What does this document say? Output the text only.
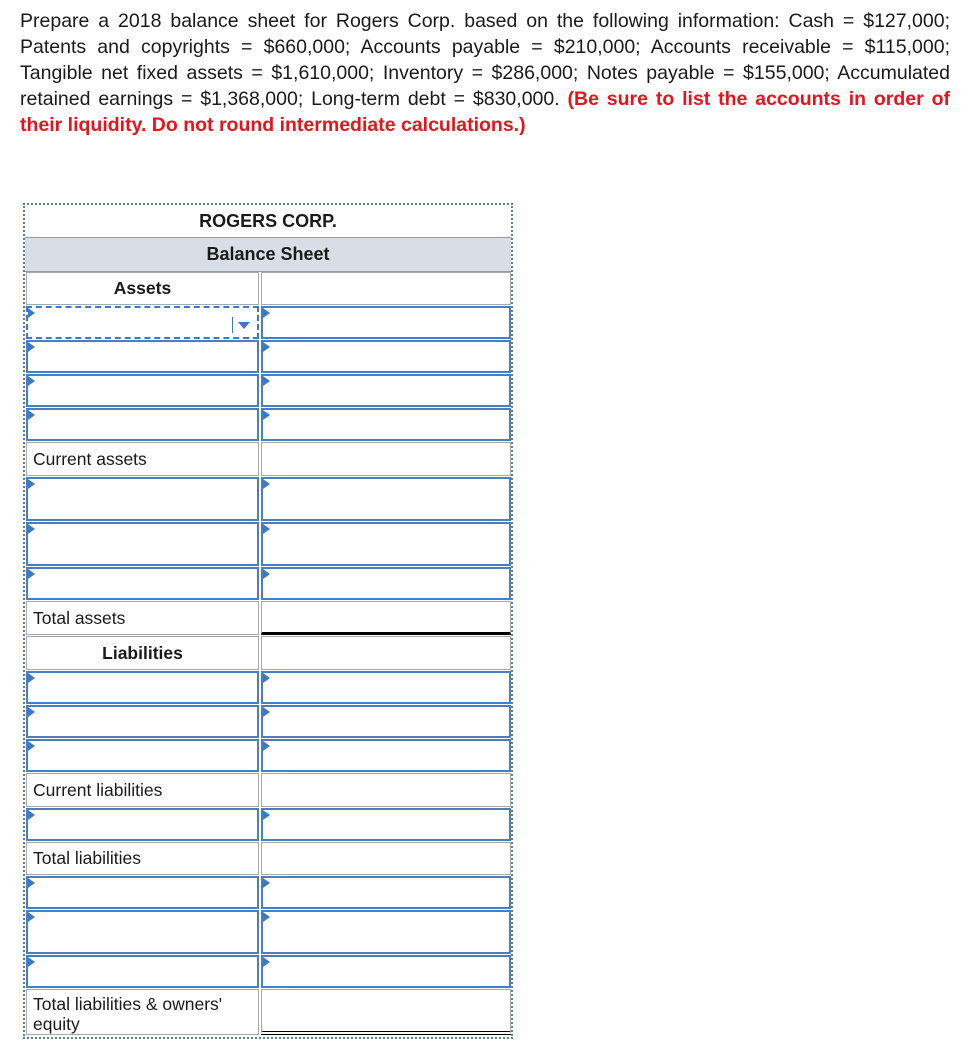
Prepare a 2018 balance sheet for Rogers Corp. based on the following information: Cash = $127,000; Patents and copyrights = $660,000; Accounts payable = $210,000; Accounts receivable = $115,000; Tangible net fixed assets = $1,610,000; Inventory = $286,000; Notes payable = $155,000; Accumulated retained earnings = $1,368,000; Long-term debt = $830,000. (Be sure to list the accounts in order of their liquidity. Do not round intermediate calculations.)
ROGERS CORP.
Balance Sheet
Assets
Current assets
Total assets
Liabilities
Current liabilities
Total liabilities
Total liabilities & owners' equity
